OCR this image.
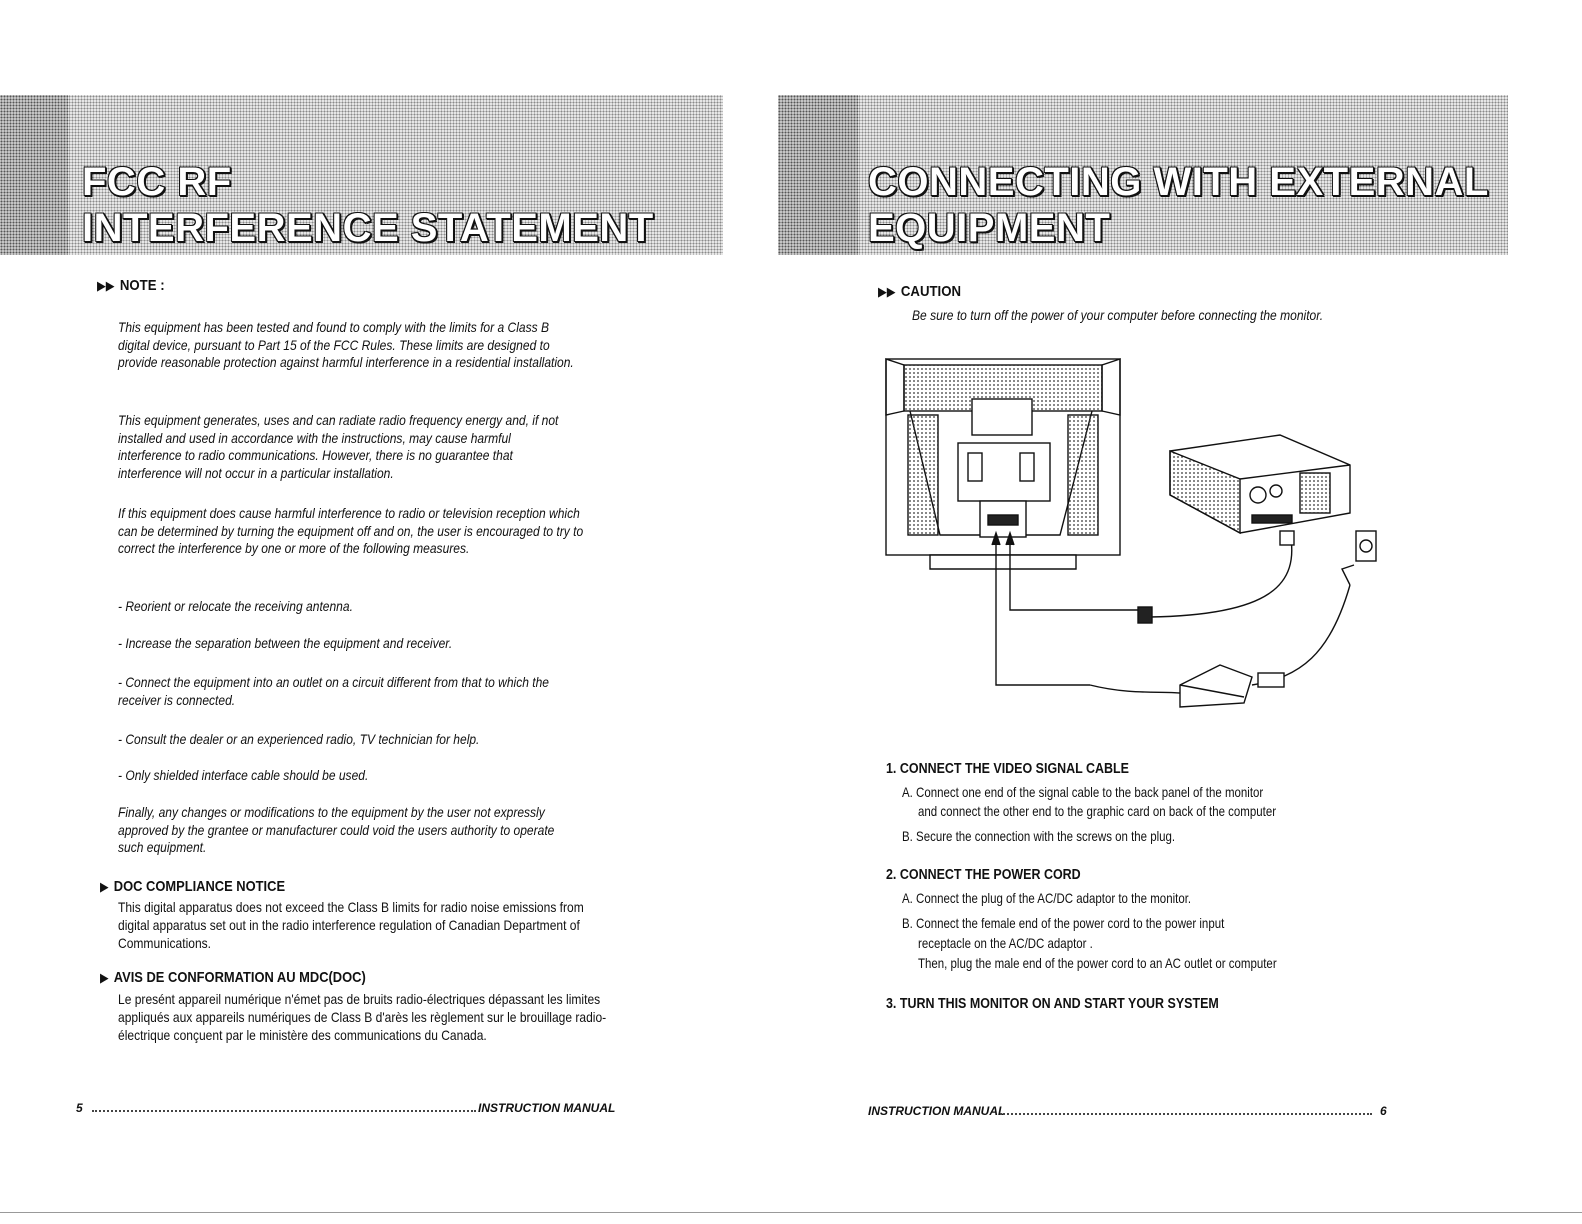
FCC RF
INTERFERENCE STATEMENT
▶▶ NOTE :
This equipment has been tested and found to comply with the limits for a Class B digital device, pursuant to Part 15 of the FCC Rules. These limits are designed to provide reasonable protection against harmful interference in a residential installation.
This equipment generates, uses and can radiate radio frequency energy and, if not installed and used in accordance with the instructions, may cause harmful interference to radio communications. However, there is no guarantee that interference will not occur in a particular installation.
If this equipment does cause harmful interference to radio or television reception which can be determined by turning the equipment off and on, the user is encouraged to try to correct the interference by one or more of the following measures.
- Reorient or relocate the receiving antenna.
- Increase the separation between the equipment and receiver.
- Connect the equipment into an outlet on a circuit different from that to which the receiver is connected.
- Consult the dealer or an experienced radio, TV technician for help.
- Only shielded interface cable should be used.
Finally, any changes or modifications to the equipment by the user not expressly approved by the grantee or manufacturer could void the users authority to operate such equipment.
▶ DOC COMPLIANCE NOTICE
This digital apparatus does not exceed the Class B limits for radio noise emissions from digital apparatus set out in the radio interference regulation of Canadian Department of Communications.
▶ AVIS DE CONFORMATION AU MDC(DOC)
Le presént appareil numérique n'émet pas de bruits radio-électriques dépassant les limites appliqués aux appareils numériques de Class B d'arès les règlement sur le brouillage radio-électrique conçuent par le ministère des communications du Canada.
5	INSTRUCTION MANUAL
CONNECTING WITH EXTERNAL
EQUIPMENT
▶▶ CAUTION
Be sure to turn off the power of your computer before connecting the monitor.
1. CONNECT THE VIDEO SIGNAL CABLE
A. Connect one end of the signal cable to the back panel of the monitor
and connect the other end to the graphic card on back of the computer
B. Secure the connection with the screws on the plug.
2. CONNECT THE POWER CORD
A. Connect the plug of the AC/DC adaptor to the monitor.
B. Connect the female end of the power cord to the power input
receptacle on the AC/DC adaptor .
Then, plug the male end of the power cord to an AC outlet or computer
3. TURN THIS MONITOR ON AND START YOUR SYSTEM
INSTRUCTION MANUAL	6
